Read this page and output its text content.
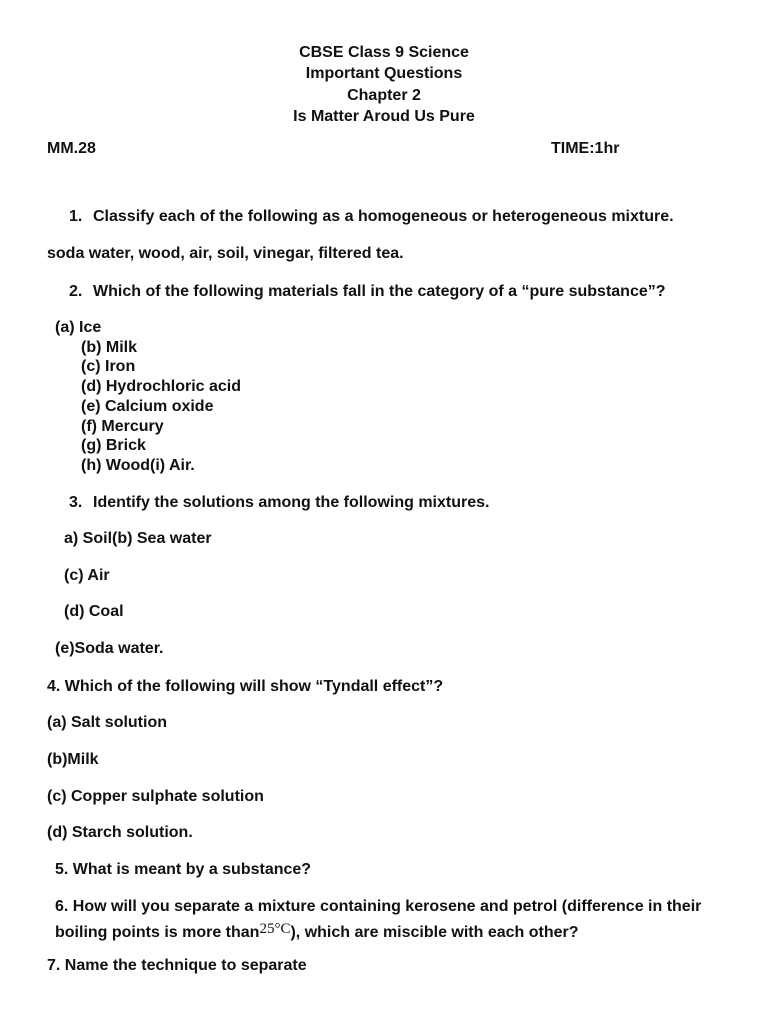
CBSE Class 9 Science
Important Questions
Chapter 2
Is Matter Aroud Us Pure
MM.28	TIME:1hr
1. Classify each of the following as a homogeneous or heterogeneous mixture.
soda water, wood, air, soil, vinegar, filtered tea.
2. Which of the following materials fall in the category of a “pure substance”?
(a) Ice
(b) Milk
(c) Iron
(d) Hydrochloric acid
(e) Calcium oxide
(f) Mercury
(g) Brick
(h) Wood(i) Air.
3. Identify the solutions among the following mixtures.
a) Soil(b) Sea water
(c) Air
(d) Coal
(e)Soda water.
4. Which of the following will show “Tyndall effect”?
(a) Salt solution
(b)Milk
(c) Copper sulphate solution
(d) Starch solution.
5. What is meant by a substance?
6. How will you separate a mixture containing kerosene and petrol (difference in their
boiling points is more than25°C), which are miscible with each other?
7. Name the technique to separate
